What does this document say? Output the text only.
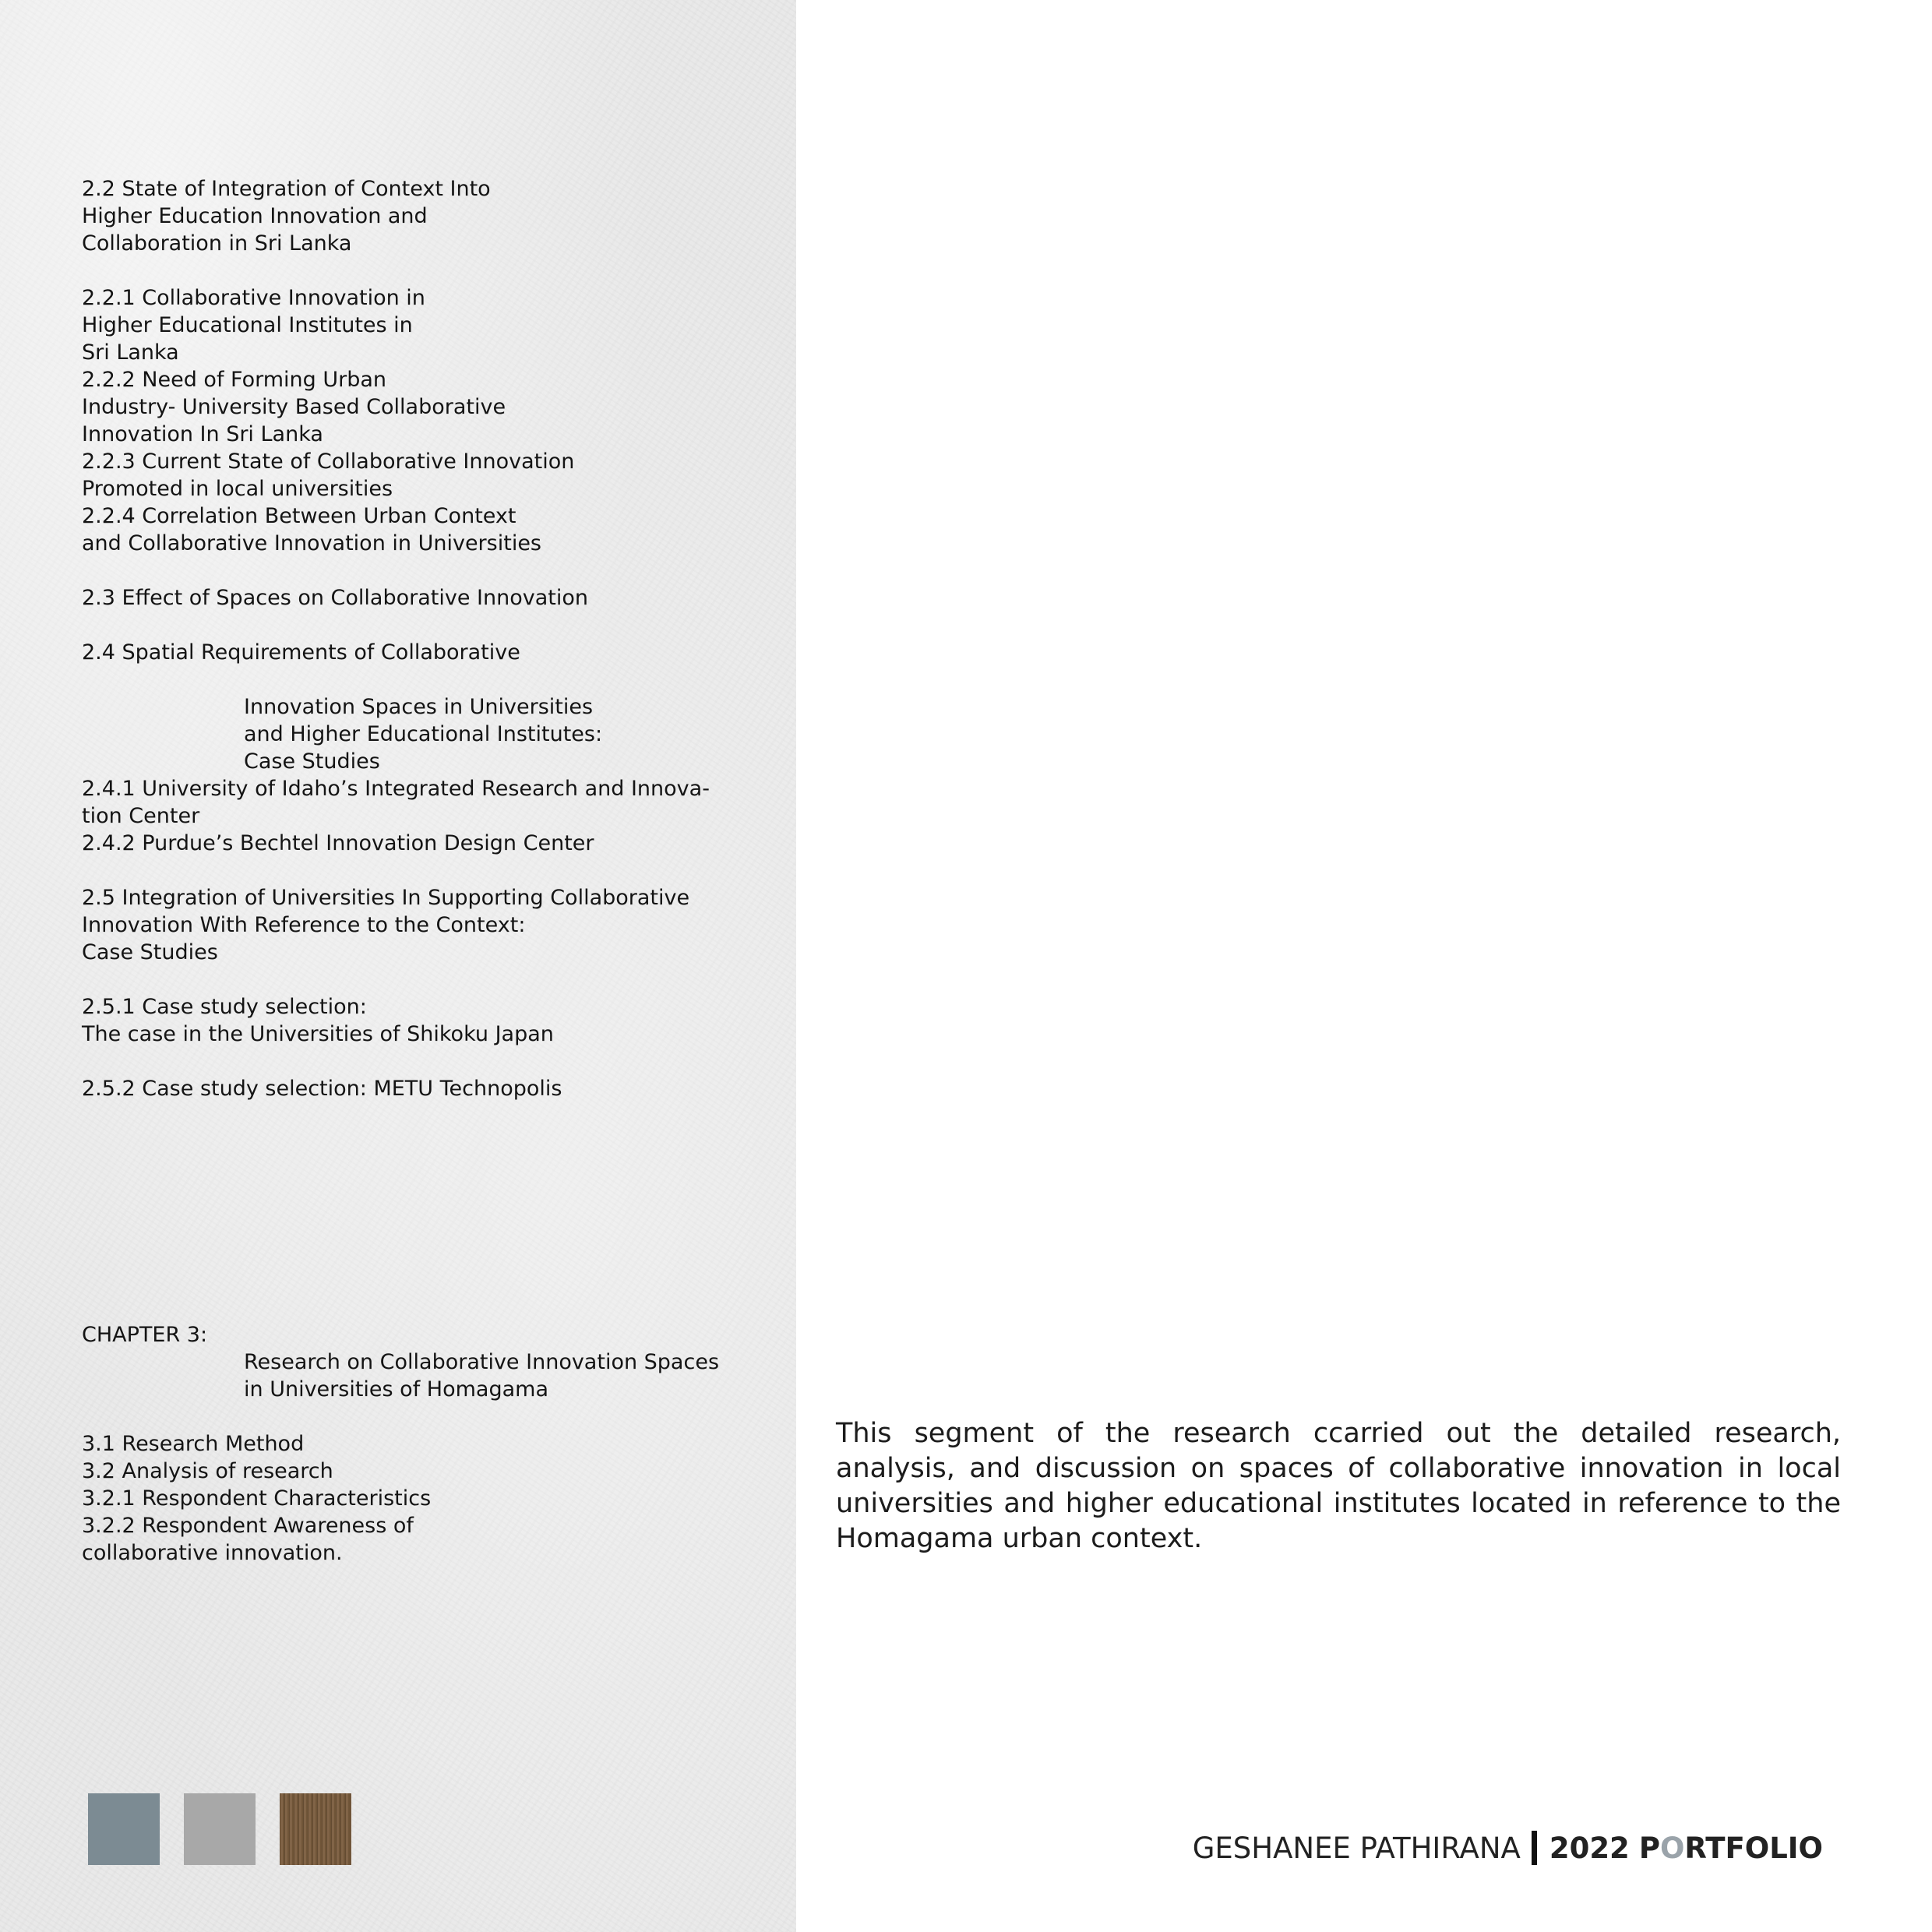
2.2 State of Integration of Context Into
Higher Education Innovation and
Collaboration in Sri Lanka
2.2.1 Collaborative Innovation in
Higher Educational Institutes in
Sri Lanka
2.2.2 Need of Forming Urban
Industry- University Based Collaborative
Innovation In Sri Lanka
2.2.3 Current State of Collaborative Innovation
Promoted in local universities
2.2.4 Correlation Between Urban Context
and Collaborative Innovation in Universities
2.3 Effect of Spaces on Collaborative Innovation
2.4 Spatial Requirements of Collaborative
Innovation Spaces in Universities
and Higher Educational Institutes:
Case Studies
2.4.1 University of Idaho’s Integrated Research and Innova-
tion Center
2.4.2 Purdue’s Bechtel Innovation Design Center
2.5 Integration of Universities In Supporting Collaborative
Innovation With Reference to the Context:
Case Studies
2.5.1 Case study selection:
The case in the Universities of Shikoku Japan
2.5.2 Case study selection: METU Technopolis
CHAPTER 3:
Research on Collaborative Innovation Spaces
in Universities of Homagama
3.1 Research Method
3.2 Analysis of research
3.2.1 Respondent Characteristics
3.2.2 Respondent Awareness of
collaborative innovation.

This segment of the research ccarried out the detailed research, analysis, and discussion on spaces of collaborative innovation in local universities and higher educational institutes located in reference to the Homagama urban context.

GESHANEE PATHIRANA 2022 PORTFOLIO
